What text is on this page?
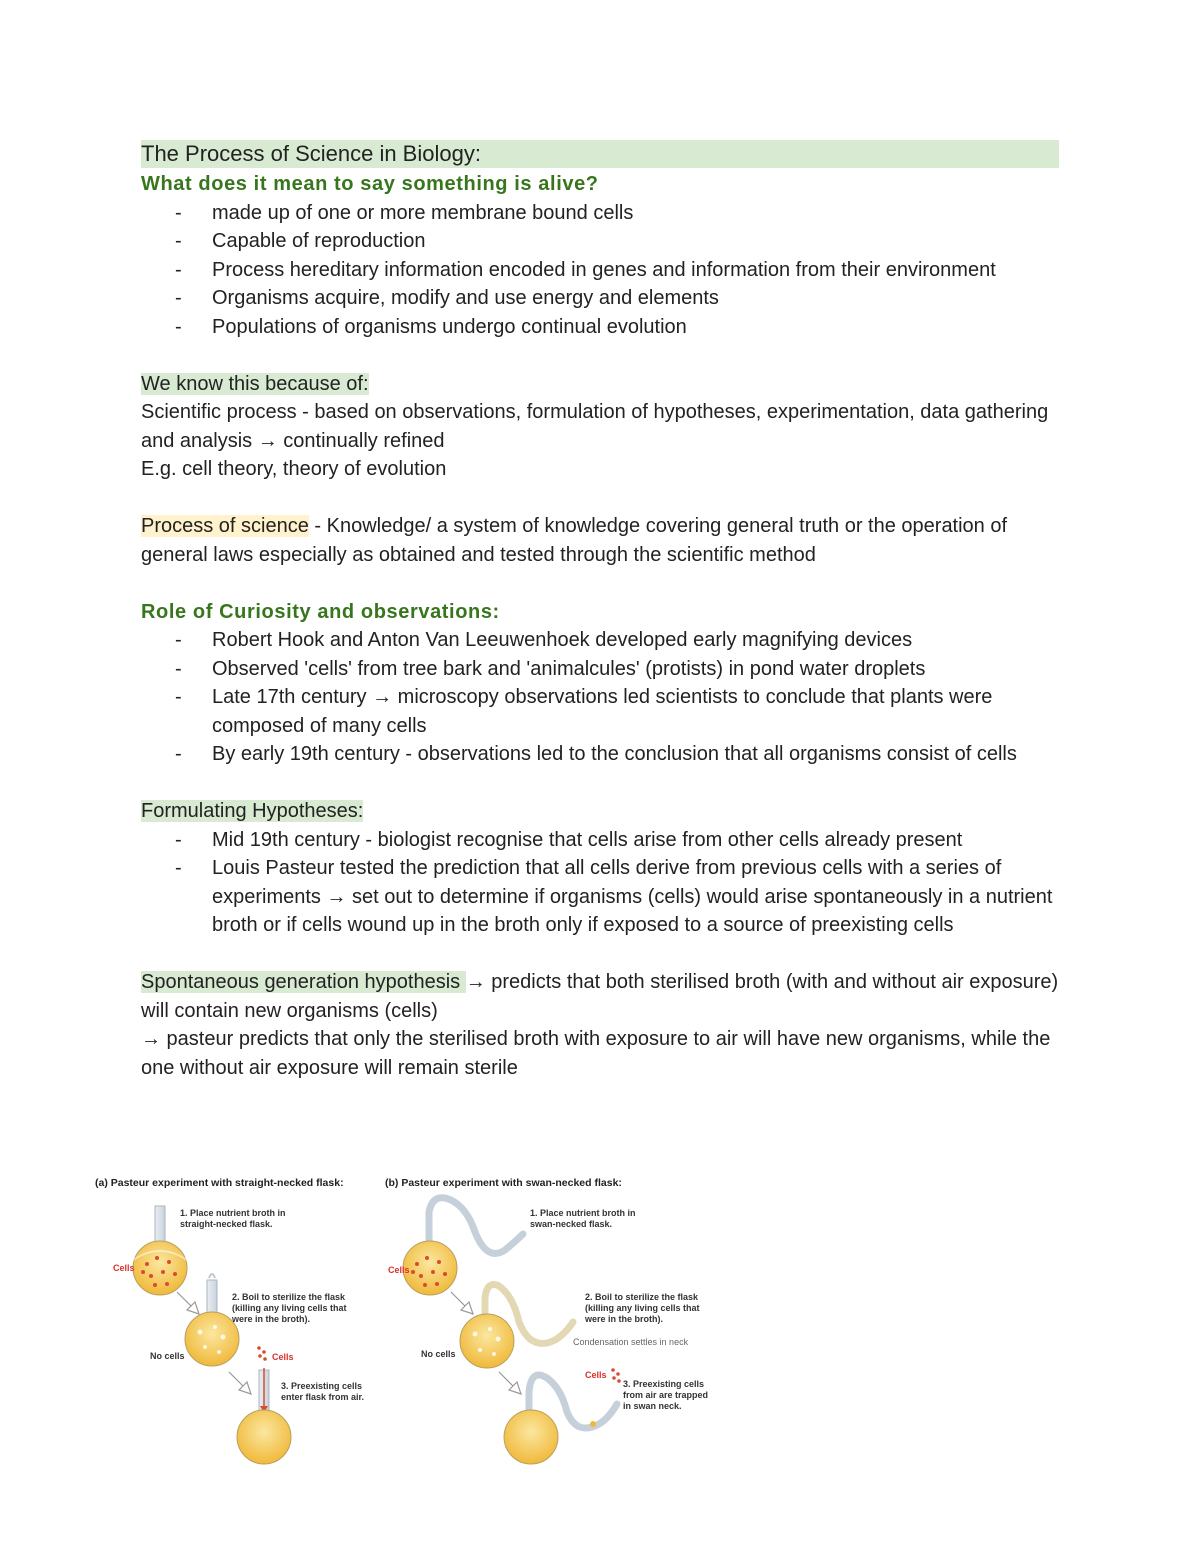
The Process of Science in Biology:
What does it mean to say something is alive?
- made up of one or more membrane bound cells
- Capable of reproduction
- Process hereditary information encoded in genes and information from their environment
- Organisms acquire, modify and use energy and elements
- Populations of organisms undergo continual evolution
We know this because of:

Scientific process - based on observations, formulation of hypotheses, experimentation, data gathering and analysis → continually refined

E.g. cell theory, theory of evolution

Process of science - Knowledge/ a system of knowledge covering general truth or the operation of general laws especially as obtained and tested through the scientific method

Role of Curiosity and observations:
- Robert Hook and Anton Van Leeuwenhoek developed early magnifying devices
- Observed 'cells' from tree bark and 'animalcules' (protists) in pond water droplets
- Late 17th century → microscopy observations led scientists to conclude that plants were composed of many cells
- By early 19th century - observations led to the conclusion that all organisms consist of cells
Formulating Hypotheses:
- Mid 19th century - biologist recognise that cells arise from other cells already present
- Louis Pasteur tested the prediction that all cells derive from previous cells with a series of experiments → set out to determine if organisms (cells) would arise spontaneously in a nutrient broth or if cells wound up in the broth only if exposed to a source of preexisting cells

Spontaneous generation hypothesis → predicts that both sterilised broth (with and without air exposure) will contain new organisms (cells)

→ pasteur predicts that only the sterilised broth with exposure to air will have new organisms, while the one without air exposure will remain sterile

(a) Pasteur experiment with straight-necked flask:
Cells
1. Place nutrient broth in straight-necked flask.
2. Boil to sterilize the flask (killing any living cells that were in the broth).
No cells	Cells
3. Preexisting cells enter flask from air.
(b) Pasteur experiment with swan-necked flask:
Cells
1. Place nutrient broth in swan-necked flask.
2. Boil to sterilize the flask (killing any living cells that were in the broth).
Condensation settles in neck
No cells
Cells
3. Preexisting cells from air are trapped in swan neck.
